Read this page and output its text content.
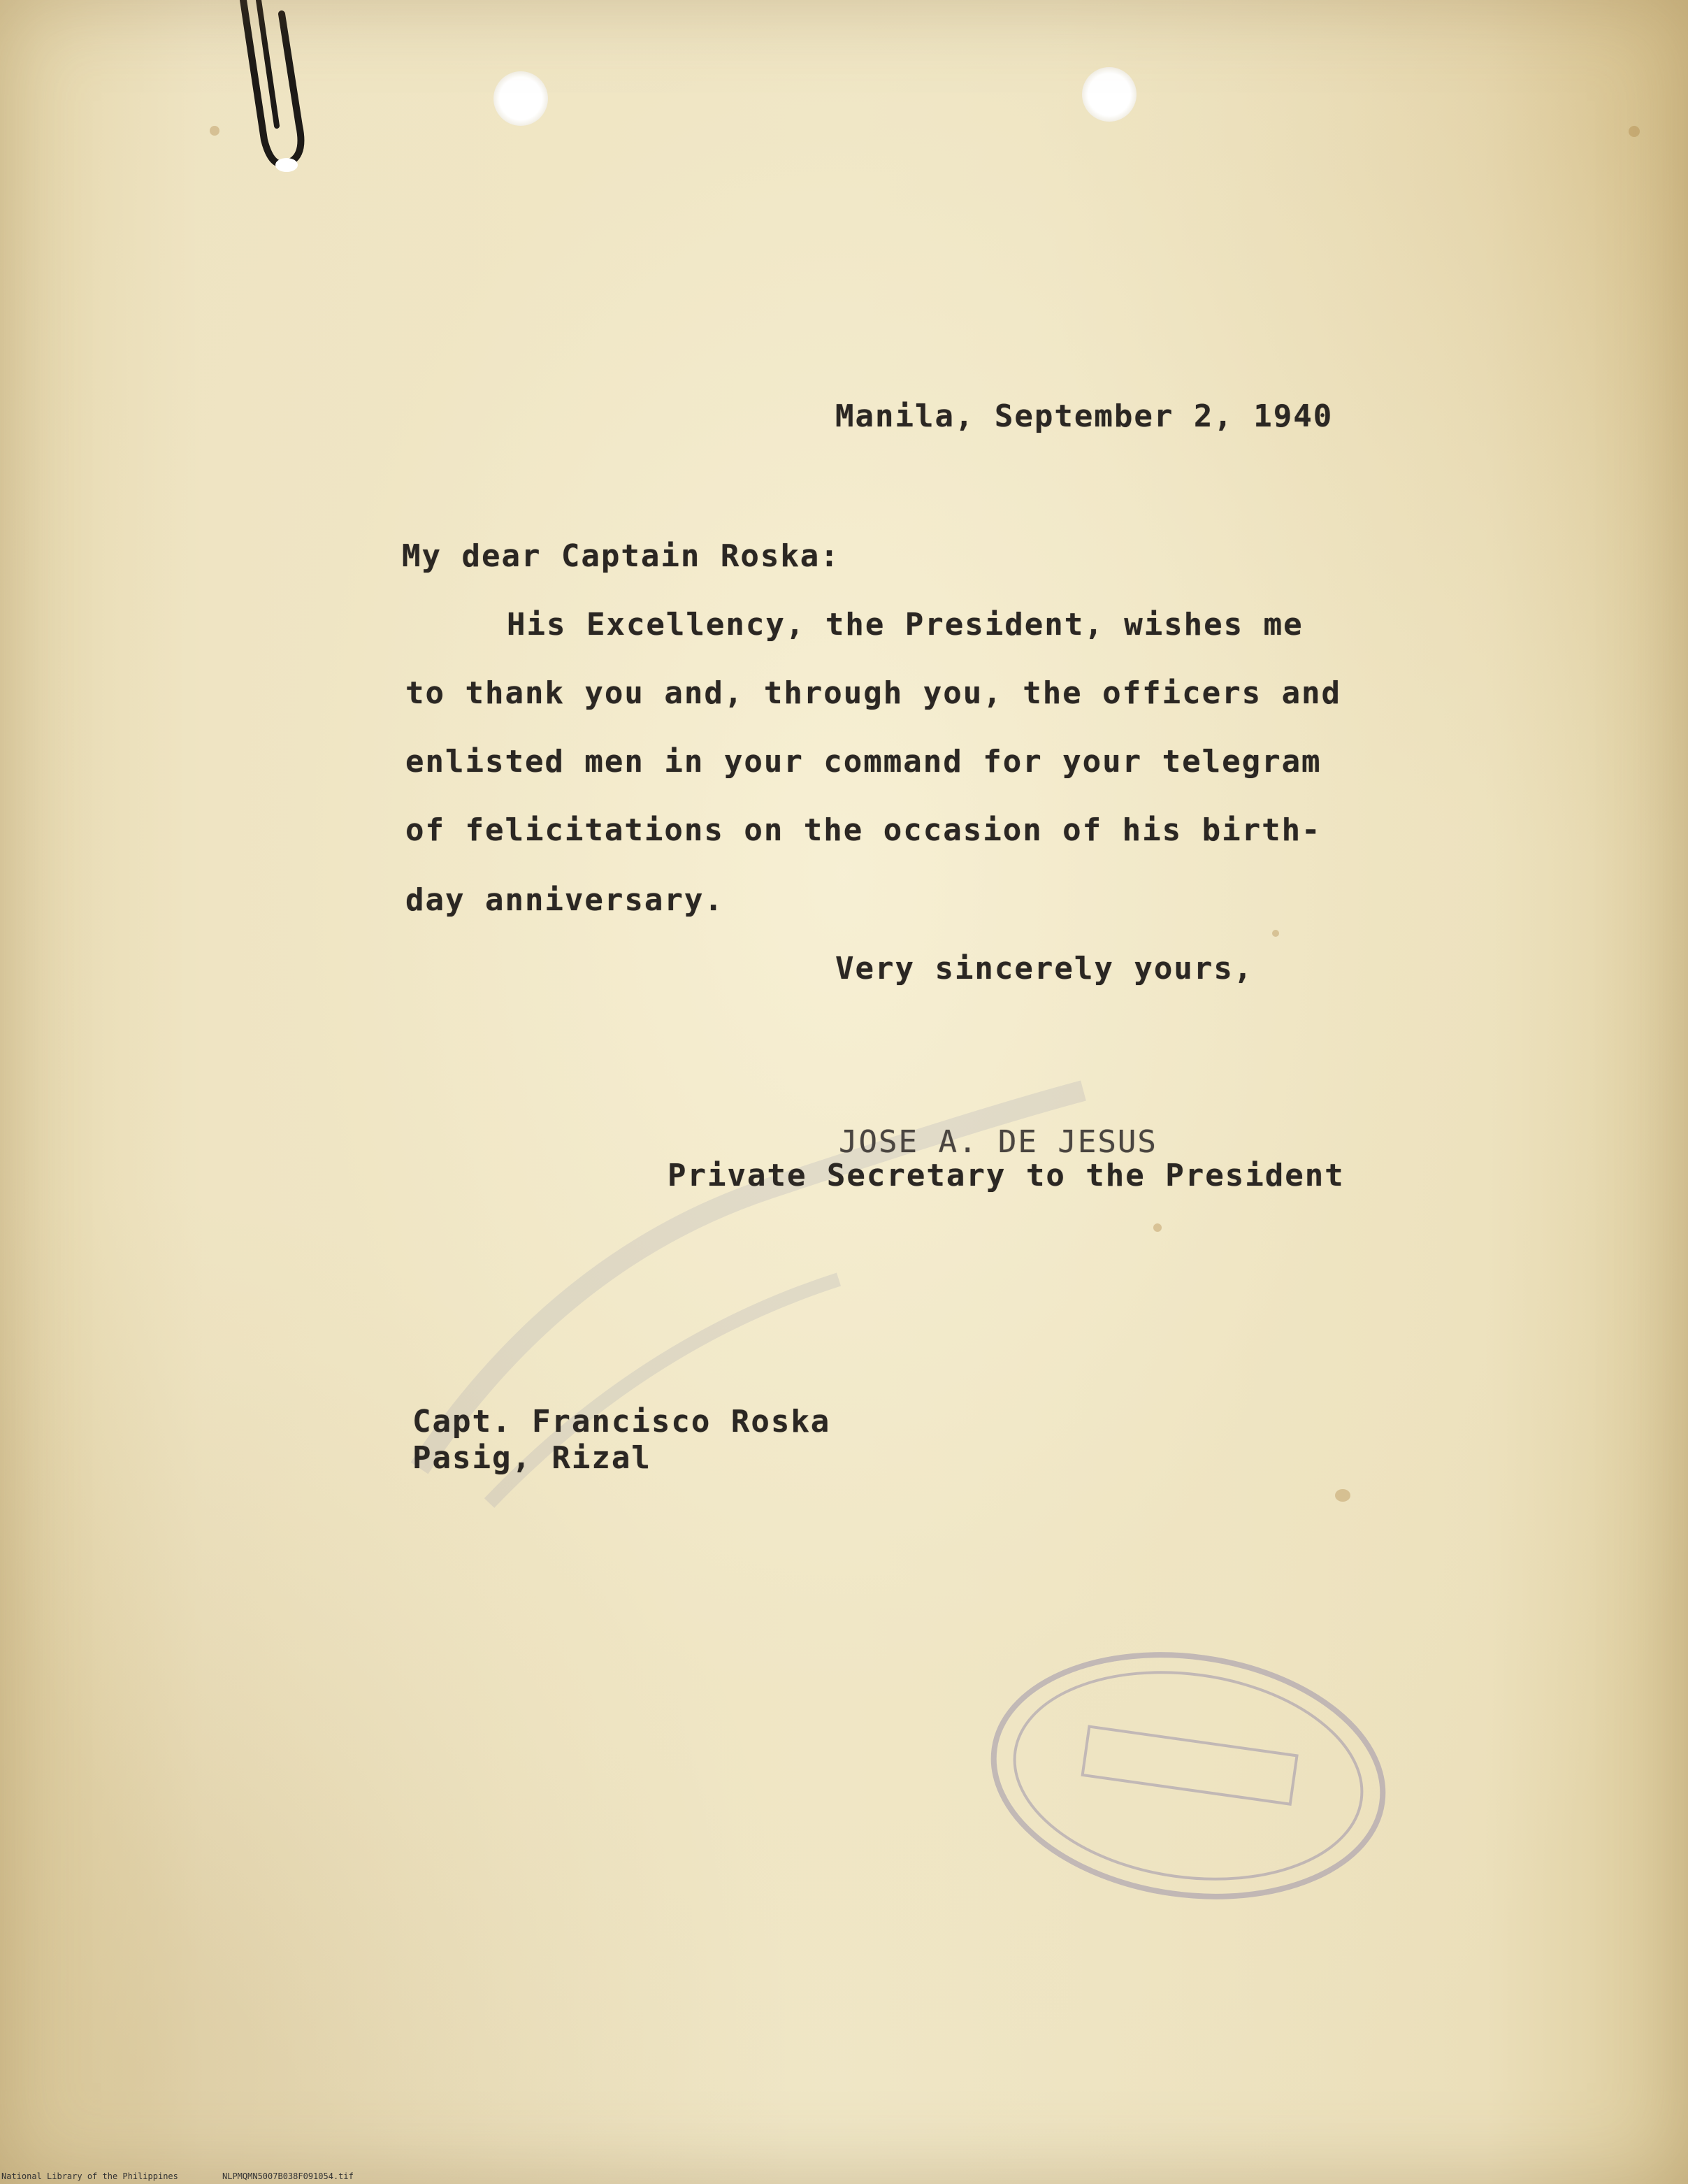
Manila, September 2, 1940
My dear Captain Roska:
His Excellency, the President, wishes me
to thank you and, through you, the officers and
enlisted men in your command for your telegram
of felicitations on the occasion of his birth-
day anniversary.
Very sincerely yours,
JOSE A. DE JESUS
Private Secretary to the President
Capt. Francisco Roska
Pasig, Rizal
National Library of the Philippines	NLPMQMN5007B038F091054.tif
